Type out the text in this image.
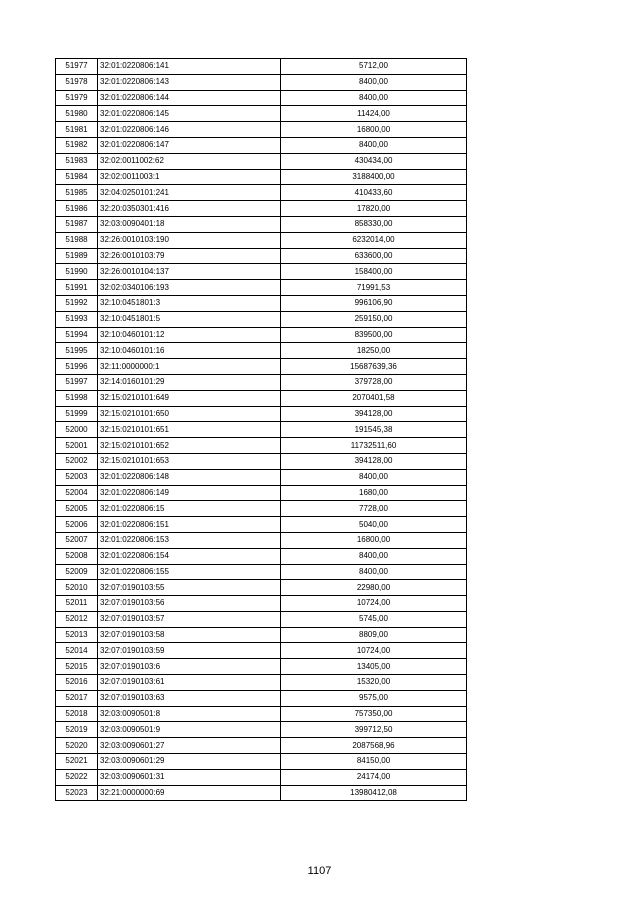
51977	32:01:0220806:141	5712,00
51978	32:01:0220806:143	8400,00
51979	32:01:0220806:144	8400,00
51980	32:01:0220806:145	11424,00
51981	32:01:0220806:146	16800,00
51982	32:01:0220806:147	8400,00
51983	32:02:0011002:62	430434,00
51984	32:02:0011003:1	3188400,00
51985	32:04:0250101:241	410433,60
51986	32:20:0350301:416	17820,00
51987	32:03:0090401:18	858330,00
51988	32:26:0010103:190	6232014,00
51989	32:26:0010103:79	633600,00
51990	32:26:0010104:137	158400,00
51991	32:02:0340106:193	71991,53
51992	32:10:0451801:3	996106,90
51993	32:10:0451801:5	259150,00
51994	32:10:0460101:12	839500,00
51995	32:10:0460101:16	18250,00
51996	32:11:0000000:1	15687639,36
51997	32:14:0160101:29	379728,00
51998	32:15:0210101:649	2070401,58
51999	32:15:0210101:650	394128,00
52000	32:15:0210101:651	191545,38
52001	32:15:0210101:652	11732511,60
52002	32:15:0210101:653	394128,00
52003	32:01:0220806:148	8400,00
52004	32:01:0220806:149	1680,00
52005	32:01:0220806:15	7728,00
52006	32:01:0220806:151	5040,00
52007	32:01:0220806:153	16800,00
52008	32:01:0220806:154	8400,00
52009	32:01:0220806:155	8400,00
52010	32:07:0190103:55	22980,00
52011	32:07:0190103:56	10724,00
52012	32:07:0190103:57	5745,00
52013	32:07:0190103:58	8809,00
52014	32:07:0190103:59	10724,00
52015	32:07:0190103:6	13405,00
52016	32:07:0190103:61	15320,00
52017	32:07:0190103:63	9575,00
52018	32:03:0090501:8	757350,00
52019	32:03:0090501:9	399712,50
52020	32:03:0090601:27	2087568,96
52021	32:03:0090601:29	84150,00
52022	32:03:0090601:31	24174,00
52023	32:21:0000000:69	13980412,08
1107
